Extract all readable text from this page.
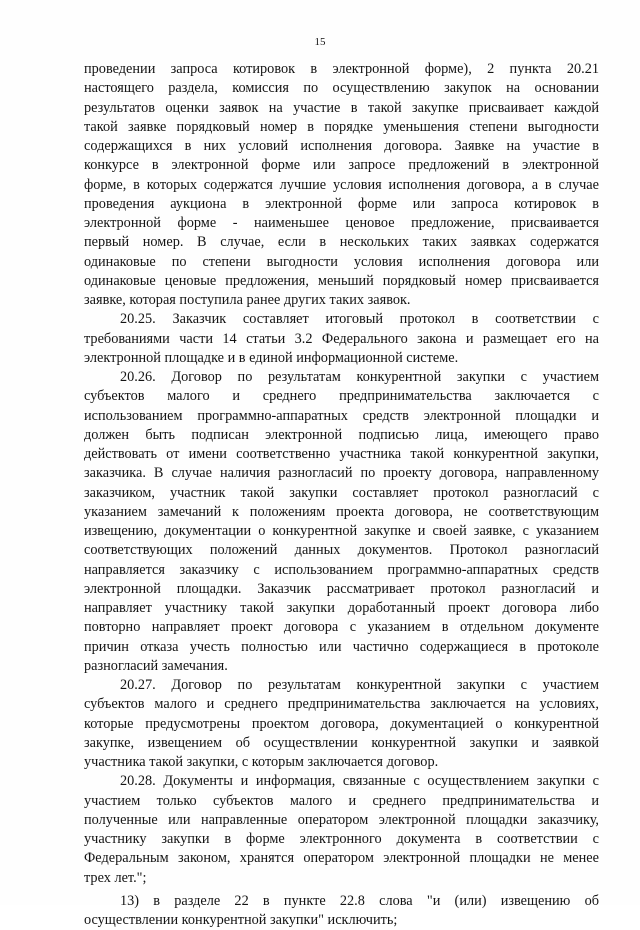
15
проведении запроса котировок в электронной форме), 2 пункта 20.21
настоящего раздела, комиссия по осуществлению закупок на основании
результатов оценки заявок на участие в такой закупке присваивает каждой
такой заявке порядковый номер в порядке уменьшения степени выгодности
содержащихся в них условий исполнения договора. Заявке на участие в
конкурсе в электронной форме или запросе предложений в электронной
форме, в которых содержатся лучшие условия исполнения договора, а в случае
проведения аукциона в электронной форме или запроса котировок в
электронной форме - наименьшее ценовое предложение, присваивается
первый номер. В случае, если в нескольких таких заявках содержатся
одинаковые по степени выгодности условия исполнения договора или
одинаковые ценовые предложения, меньший порядковый номер присваивается
заявке, которая поступила ранее других таких заявок.
20.25. Заказчик составляет итоговый протокол в соответствии с
требованиями части 14 статьи 3.2 Федерального закона и размещает его на
электронной площадке и в единой информационной системе.
20.26. Договор по результатам конкурентной закупки с участием
субъектов малого и среднего предпринимательства заключается с
использованием программно-аппаратных средств электронной площадки и
должен быть подписан электронной подписью лица, имеющего право
действовать от имени соответственно участника такой конкурентной закупки,
заказчика. В случае наличия разногласий по проекту договора, направленному
заказчиком, участник такой закупки составляет протокол разногласий с
указанием замечаний к положениям проекта договора, не соответствующим
извещению, документации о конкурентной закупке и своей заявке, с указанием
соответствующих положений данных документов. Протокол разногласий
направляется заказчику с использованием программно-аппаратных средств
электронной площадки. Заказчик рассматривает протокол разногласий и
направляет участнику такой закупки доработанный проект договора либо
повторно направляет проект договора с указанием в отдельном документе
причин отказа учесть полностью или частично содержащиеся в протоколе
разногласий замечания.
20.27. Договор по результатам конкурентной закупки с участием
субъектов малого и среднего предпринимательства заключается на условиях,
которые предусмотрены проектом договора, документацией о конкурентной
закупке, извещением об осуществлении конкурентной закупки и заявкой
участника такой закупки, с которым заключается договор.
20.28. Документы и информация, связанные с осуществлением закупки с
участием только субъектов малого и среднего предпринимательства и
полученные или направленные оператором электронной площадки заказчику,
участнику закупки в форме электронного документа в соответствии с
Федеральным законом, хранятся оператором электронной площадки не менее
трех лет.";
13) в разделе 22 в пункте 22.8 слова "и (или) извещению об
осуществлении конкурентной закупки" исключить;
